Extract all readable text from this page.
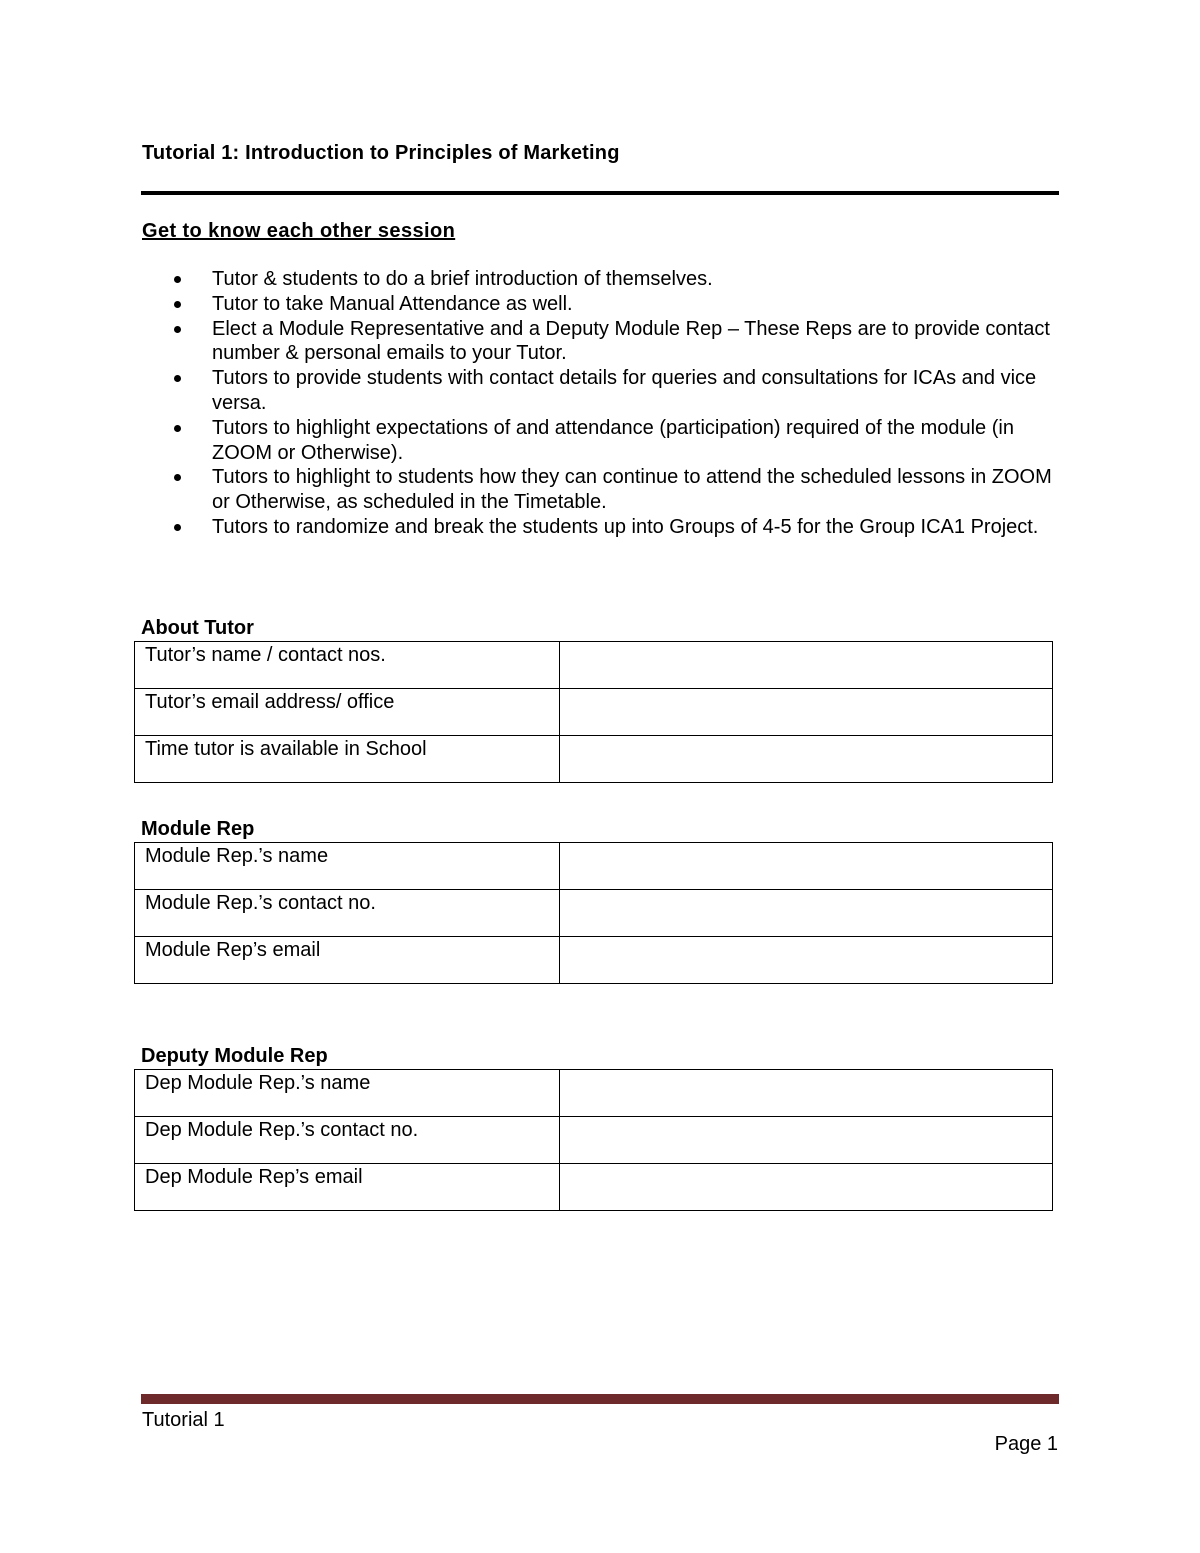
Tutorial 1: Introduction to Principles of Marketing
Get to know each other session
Tutor & students to do a brief introduction of themselves.
Tutor to take Manual Attendance as well.
Elect a Module Representative and a Deputy Module Rep – These Reps are to provide contact number & personal emails to your Tutor.
Tutors to provide students with contact details for queries and consultations for ICAs and vice versa.
Tutors to highlight expectations of and attendance (participation) required of the module (in ZOOM or Otherwise).
Tutors to highlight to students how they can continue to attend the scheduled lessons in ZOOM or Otherwise, as scheduled in the Timetable.
Tutors to randomize and break the students up into Groups of 4-5 for the Group ICA1 Project.
About Tutor
Tutor’s name / contact nos.	
Tutor’s email address/ office	
Time tutor is available in School	
Module Rep
Module Rep.’s name	
Module Rep.’s contact no.	
Module Rep’s email	
Deputy Module Rep
Dep Module Rep.’s name	
Dep Module Rep.’s contact no.	
Dep Module Rep’s email	
Tutorial 1
Page 1
